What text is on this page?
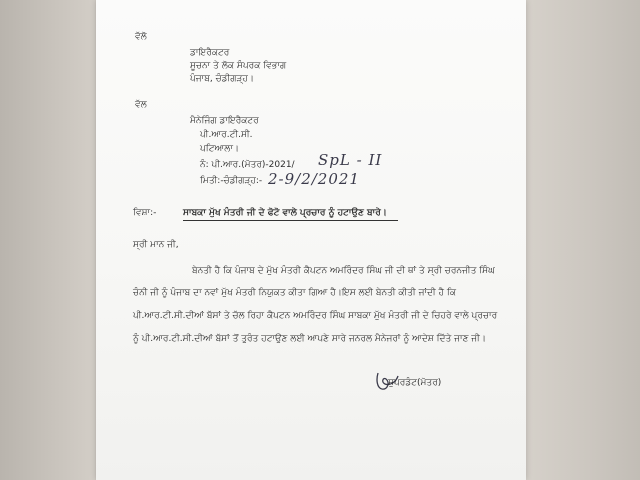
ਵੱਲੋ
ਡਾਇਰੈਕਟਰ
ਸੂਚਨਾ ਤੇ ਲੋਕ ਸੰਪਰਕ ਵਿਭਾਗ
ਪੰਜਾਬ, ਚੰਡੀਗੜ੍ਹ।
ਵੱਲ
ਮੈਨੇਜਿੰਗ ਡਾਇਰੈਕਟਰ
ਪੀ.ਆਰ.ਟੀ.ਸੀ.
ਪਟਿਆਲਾ।
ਨੰ: ਪੀ.ਆਰ.(ਮੋਤਰ)-2021/ SpL - II
ਮਿਤੀ:-ਚੰਡੀਗੜ੍ਹ:- 2-9/2/2021
ਵਿਸ਼ਾ:-	ਸਾਬਕਾ ਮੁੱਖ ਮੰਤਰੀ ਜੀ ਦੇ ਫੋਟੋ ਵਾਲੇ ਪ੍ਰਚਾਰ ਨੂੰ ਹਟਾਉਣ ਬਾਰੇ।
ਸ੍ਰੀ ਮਾਨ ਜੀ,
ਬੇਨਤੀ ਹੈ ਕਿ ਪੰਜਾਬ ਦੇ ਮੁੱਖ ਮੰਤਰੀ ਕੈਪਟਨ ਅਮਰਿੰਦਰ ਸਿੰਘ ਜੀ ਦੀ ਥਾਂ ਤੇ ਸ੍ਰੀ ਚਰਨਜੀਤ ਸਿੰਘ
ਚੰਨੀ ਜੀ ਨੂੰ ਪੰਜਾਬ ਦਾ ਨਵਾਂ ਮੁੱਖ ਮੰਤਰੀ ਨਿਯੁਕਤ ਕੀਤਾ ਗਿਆ ਹੈ।ਇਸ ਲਈ ਬੇਨਤੀ ਕੀਤੀ ਜਾਂਦੀ ਹੈ ਕਿ
ਪੀ.ਆਰ.ਟੀ.ਸੀ.ਦੀਆਂ ਬੱਸਾਂ ਤੇ ਚੱਲ ਰਿਹਾ ਕੈਪਟਨ ਅਮਰਿੰਦਰ ਸਿੰਘ ਸਾਬਕਾ ਮੁੱਖ ਮੰਤਰੀ ਜੀ ਦੇ ਚਿਹਰੇ ਵਾਲੇ ਪ੍ਰਚਾਰ
ਨੂੰ ਪੀ.ਆਰ.ਟੀ.ਸੀ.ਦੀਆਂ ਬੱਸਾਂ ਤੋਂ ਤੁਰੰਤ ਹਟਾਉਣ ਲਈ ਆਪਣੇ ਸਾਰੇ ਜਨਰਲ ਮੈਨੇਜਰਾਂ ਨੂੰ ਆਦੇਸ਼ ਦਿੱਤੇ ਜਾਣ ਜੀ।
ਸੁਪਰਡੰਟ(ਮੋਤਰ)
